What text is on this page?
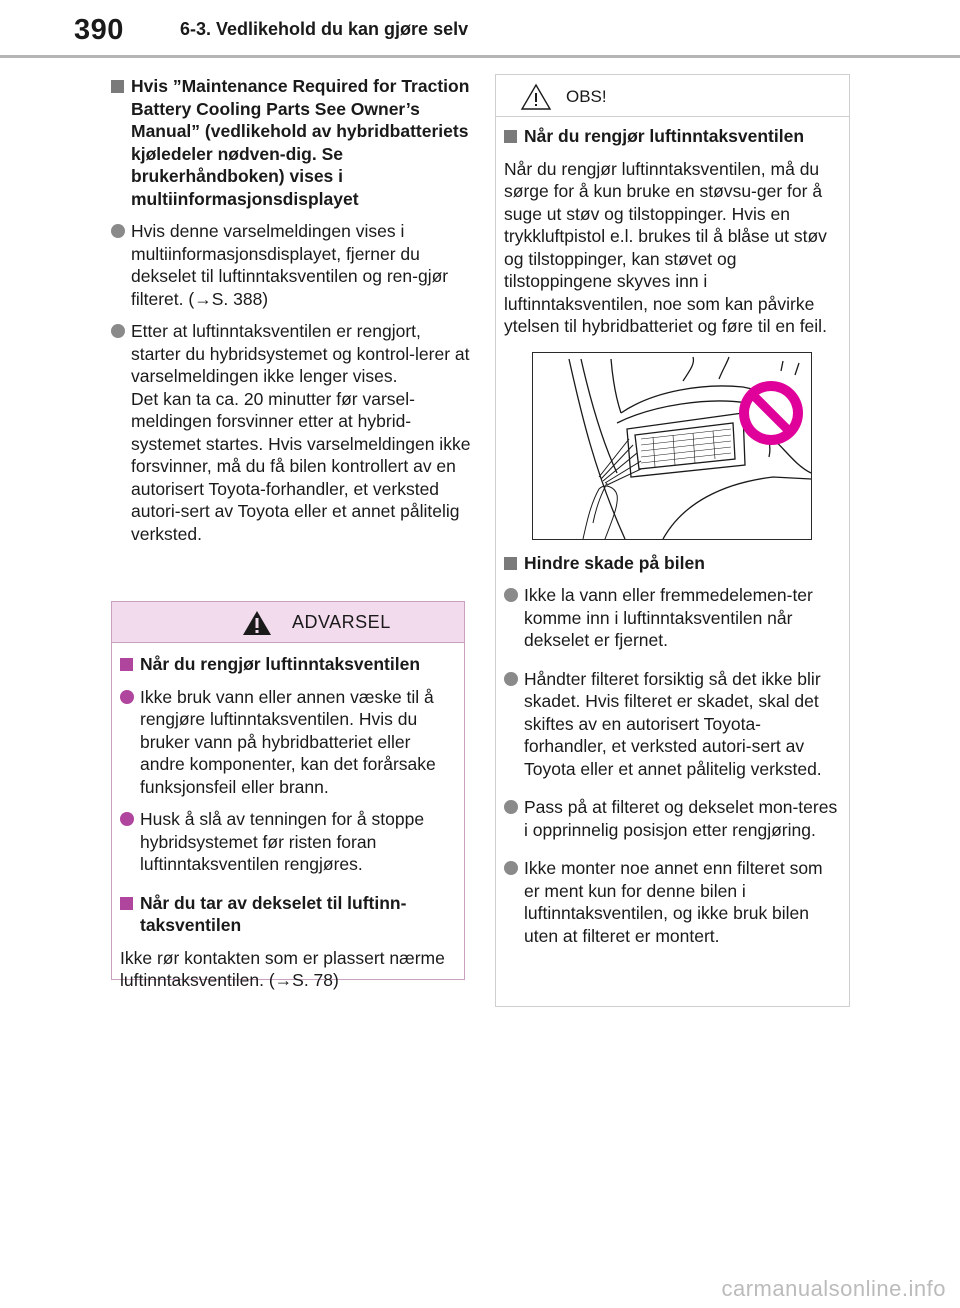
390	6-3. Vedlikehold du kan gjøre selv
Hvis ”Maintenance Required for Traction Battery Cooling Parts See Owner’s Manual” (vedlikehold av hybridbatteriets kjøledeler nødven-dig. Se brukerhåndboken) vises i multiinformasjonsdisplayet
Hvis denne varselmeldingen vises i multiinformasjonsdisplayet, fjerner du dekselet til luftinntaksventilen og ren-gjør filteret. (→S. 388)
Etter at luftinntaksventilen er rengjort, starter du hybridsystemet og kontrol-lerer at varselmeldingen ikke lenger vises.
Det kan ta ca. 20 minutter før varsel-meldingen forsvinner etter at hybrid-systemet startes. Hvis varselmeldingen ikke forsvinner, må du få bilen kontrollert av en autorisert Toyota-forhandler, et verksted autori-sert av Toyota eller et annet pålitelig verksted.
ADVARSEL
Når du rengjør luftinntaksventilen
Ikke bruk vann eller annen væske til å rengjøre luftinntaksventilen. Hvis du bruker vann på hybridbatteriet eller andre komponenter, kan det forårsake funksjonsfeil eller brann.
Husk å slå av tenningen for å stoppe hybridsystemet før risten foran luftinntaksventilen rengjøres.
Når du tar av dekselet til luftinn-taksventilen
Ikke rør kontakten som er plassert nærme luftinntaksventilen. (→S. 78)
OBS!
Når du rengjør luftinntaksventilen
Når du rengjør luftinntaksventilen, må du sørge for å kun bruke en støvsu-ger for å suge ut støv og tilstoppinger. Hvis en trykkluftpistol e.l. brukes til å blåse ut støv og tilstoppinger, kan støvet og tilstoppingene skyves inn i luftinntaksventilen, noe som kan påvirke ytelsen til hybridbatteriet og føre til en feil.
Hindre skade på bilen
Ikke la vann eller fremmedelemen-ter komme inn i luftinntaksventilen når dekselet er fjernet.
Håndter filteret forsiktig så det ikke blir skadet. Hvis filteret er skadet, skal det skiftes av en autorisert Toyota-forhandler, et verksted autori-sert av Toyota eller et annet pålitelig verksted.
Pass på at filteret og dekselet mon-teres i opprinnelig posisjon etter rengjøring.
Ikke monter noe annet enn filteret som er ment kun for denne bilen i luftinntaksventilen, og ikke bruk bilen uten at filteret er montert.
carmanualsonline.info
